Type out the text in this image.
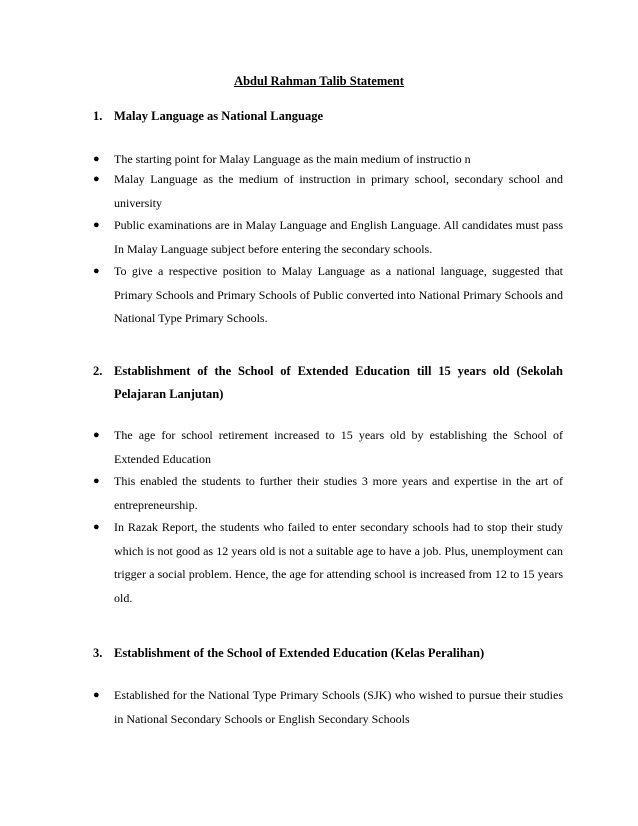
Abdul Rahman Talib Statement

1. Malay Language as National Language
●	The starting point for Malay Language as the main medium of instructio n
●	Malay Language as the medium of instruction in primary school, secondary school and university
●	Public examinations are in Malay Language and English Language. All candidates must pass In Malay Language subject before entering the secondary schools.
●	To give a respective position to Malay Language as a national language, suggested that Primary Schools and Primary Schools of Public converted into National Primary Schools and National Type Primary Schools.
2. Establishment of the School of Extended Education till 15 years old (Sekolah Pelajaran Lanjutan)
●	The age for school retirement increased to 15 years old by establishing the School of Extended Education
●	This enabled the students to further their studies 3 more years and expertise in the art of entrepreneurship.
●	In Razak Report, the students who failed to enter secondary schools had to stop their study which is not good as 12 years old is not a suitable age to have a job. Plus, unemployment can trigger a social problem. Hence, the age for attending school is increased from 12 to 15 years old.
3. Establishment of the School of Extended Education (Kelas Peralihan)
●	Established for the National Type Primary Schools (SJK) who wished to pursue their studies in National Secondary Schools or English Secondary Schools
